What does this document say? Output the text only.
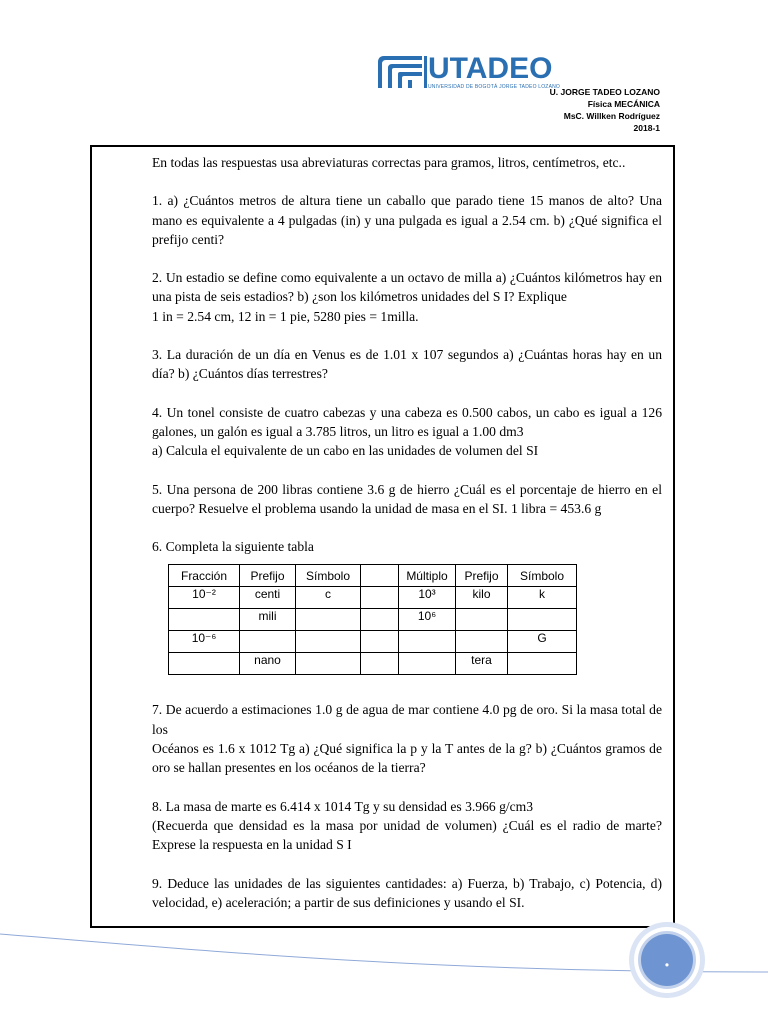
UTADEO
UNIVERSIDAD DE BOGOTÁ JORGE TADEO LOZANO
U. JORGE TADEO LOZANO
Física MECÁNICA
MsC. Willken Rodríguez
2018-1

En todas las respuestas usa abreviaturas correctas para gramos, litros, centímetros, etc..

1. a) ¿Cuántos metros de altura tiene un caballo que parado tiene 15 manos de alto? Una mano es equivalente a 4 pulgadas (in) y una pulgada es igual a 2.54 cm. b) ¿Qué significa el prefijo centi?

2. Un estadio se define como equivalente a un octavo de milla a) ¿Cuántos kilómetros hay en una pista de seis estadios? b) ¿son los kilómetros unidades del S I? Explique

1 in = 2.54 cm, 12 in = 1 pie, 5280 pies = 1milla.

3. La duración de un día en Venus es de 1.01 x 107 segundos a) ¿Cuántas horas hay en un día? b) ¿Cuántos días terrestres?

4. Un tonel consiste de cuatro cabezas y una cabeza es 0.500 cabos, un cabo es igual a 126 galones, un galón es igual a 3.785 litros, un litro es igual a 1.00 dm3

a) Calcula el equivalente de un cabo en las unidades de volumen del SI

5. Una persona de 200 libras contiene 3.6 g de hierro ¿Cuál es el porcentaje de hierro en el cuerpo? Resuelve el problema usando la unidad de masa en el SI. 1 libra = 453.6 g

6. Completa la siguiente tabla

7. De acuerdo a estimaciones 1.0 g de agua de mar contiene 4.0 pg de oro. Si la masa total de los

Océanos es 1.6 x 1012 Tg a) ¿Qué significa la p y la T antes de la g? b) ¿Cuántos gramos de oro se hallan presentes en los océanos de la tierra?

8. La masa de marte es 6.414 x 1014 Tg y su densidad es 3.966 g/cm3

(Recuerda que densidad es la masa por unidad de volumen) ¿Cuál es el radio de marte? Exprese la respuesta en la unidad S I

9. Deduce las unidades de las siguientes cantidades: a) Fuerza, b) Trabajo, c) Potencia, d) velocidad, e) aceleración; a partir de sus definiciones y usando el SI.

Fracción	Prefijo	Símbolo		Múltiplo	Prefijo	Símbolo
10⁻²	centi	c		10³	kilo	k
	mili			10⁶		
10⁻⁶						G
	nano				tera	
•
